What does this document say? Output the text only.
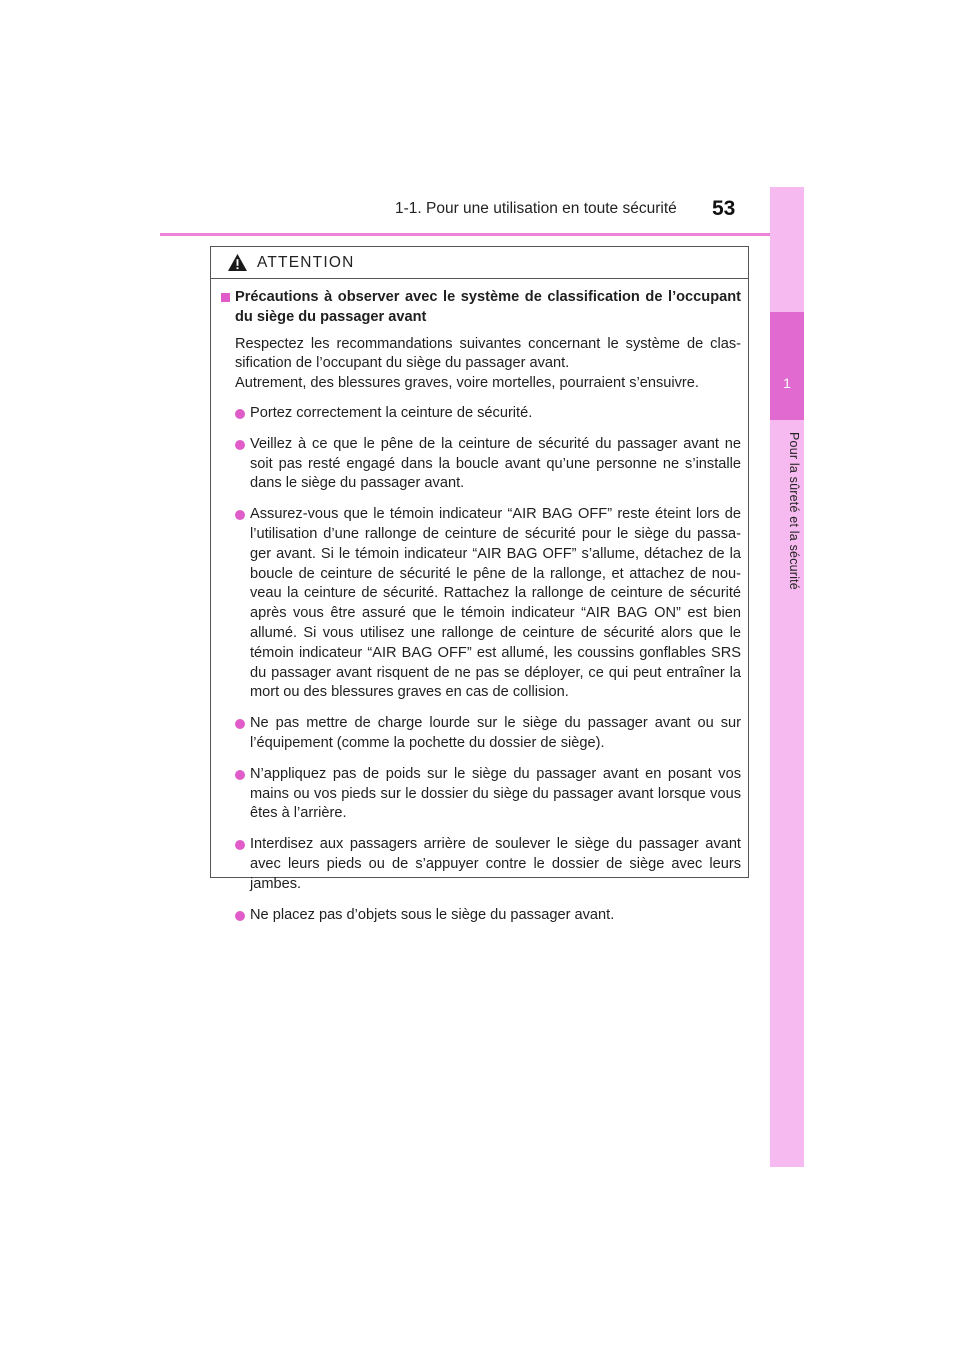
1-1. Pour une utilisation en toute sécurité	53
1
Pour la sûreté et la sécurité
ATTENTION
Précautions à observer avec le système de classification de l’occupant du siège du passager avant

Respectez les recommandations suivantes concernant le système de clas-sification de l’occupant du siège du passager avant.

Autrement, des blessures graves, voire mortelles, pourraient s’ensuivre.

Portez correctement la ceinture de sécurité.
Veillez à ce que le pêne de la ceinture de sécurité du passager avant ne soit pas resté engagé dans la boucle avant qu’une personne ne s’installe dans le siège du passager avant.
Assurez-vous que le témoin indicateur “AIR BAG OFF” reste éteint lors de l’utilisation d’une rallonge de ceinture de sécurité pour le siège du passa-ger avant. Si le témoin indicateur “AIR BAG OFF” s’allume, détachez de la boucle de ceinture de sécurité le pêne de la rallonge, et attachez de nou-veau la ceinture de sécurité. Rattachez la rallonge de ceinture de sécurité après vous être assuré que le témoin indicateur “AIR BAG ON” est bien allumé. Si vous utilisez une rallonge de ceinture de sécurité alors que le témoin indicateur “AIR BAG OFF” est allumé, les coussins gonflables SRS du passager avant risquent de ne pas se déployer, ce qui peut entraîner la mort ou des blessures graves en cas de collision.
Ne pas mettre de charge lourde sur le siège du passager avant ou sur l’équipement (comme la pochette du dossier de siège).
N’appliquez pas de poids sur le siège du passager avant en posant vos mains ou vos pieds sur le dossier du siège du passager avant lorsque vous êtes à l’arrière.
Interdisez aux passagers arrière de soulever le siège du passager avant avec leurs pieds ou de s’appuyer contre le dossier de siège avec leurs jambes.
Ne placez pas d’objets sous le siège du passager avant.
